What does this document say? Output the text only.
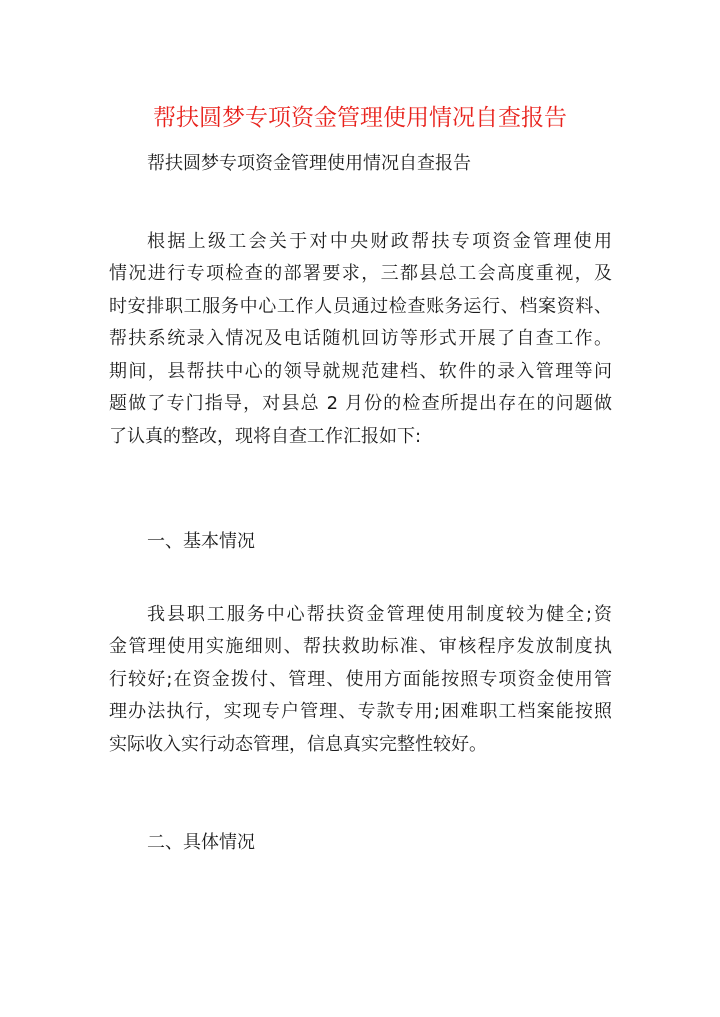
帮扶圆梦专项资金管理使用情况自查报告
帮扶圆梦专项资金管理使用情况自查报告
根据上级工会关于对中央财政帮扶专项资金管理使用
情况进行专项检查的部署要求，三都县总工会高度重视，及
时安排职工服务中心工作人员通过检查账务运行、档案资料、
帮扶系统录入情况及电话随机回访等形式开展了自查工作。
期间，县帮扶中心的领导就规范建档、软件的录入管理等问
题做了专门指导，对县总 2 月份的检查所提出存在的问题做
了认真的整改，现将自查工作汇报如下:
一、基本情况
我县职工服务中心帮扶资金管理使用制度较为健全;资
金管理使用实施细则、帮扶救助标准、审核程序发放制度执
行较好;在资金拨付、管理、使用方面能按照专项资金使用管
理办法执行，实现专户管理、专款专用;困难职工档案能按照
实际收入实行动态管理，信息真实完整性较好。
二、具体情况
